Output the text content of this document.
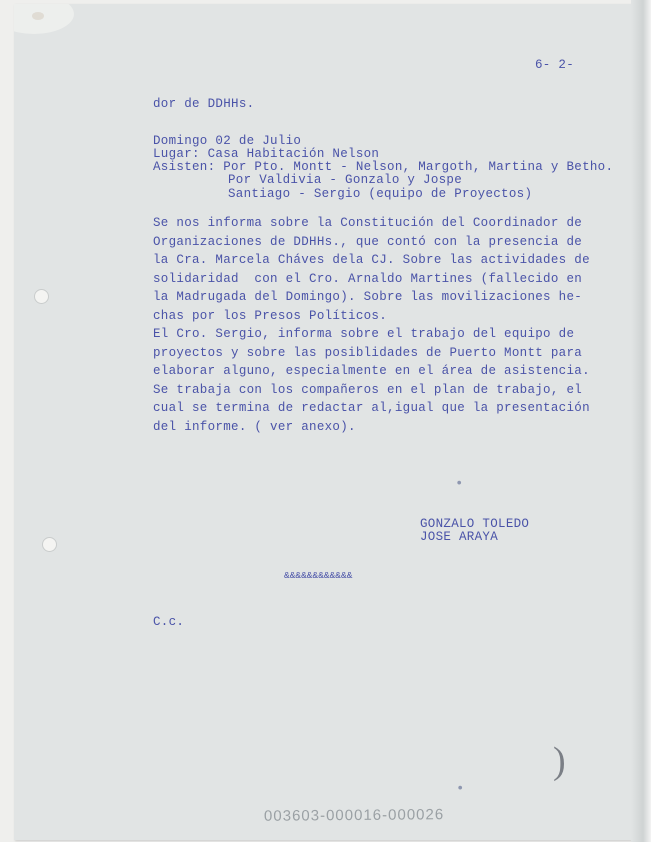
6- 2-
dor de DDHHs.
Domingo 02 de Julio
Lugar: Casa Habitación Nelson
Asisten: Por Pto. Montt - Nelson, Margoth, Martina y Betho.
Por Valdivia - Gonzalo y Jospe
Santiago - Sergio (equipo de Proyectos)
Se nos informa sobre la Constitución del Coordinador de
Organizaciones de DDHHs., que contó con la presencia de
la Cra. Marcela Cháves dela CJ. Sobre las actividades de
solidaridad  con el Cro. Arnaldo Martines (fallecido en
la Madrugada del Domingo). Sobre las movilizaciones he-
chas por los Presos Políticos.
El Cro. Sergio, informa sobre el trabajo del equipo de
proyectos y sobre las posiblidades de Puerto Montt para
elaborar alguno, especialmente en el área de asistencia.
Se trabaja con los compañeros en el plan de trabajo, el
cual se termina de redactar al,igual que la presentación
del informe. ( ver anexo).
•
GONZALO TOLEDO
JOSE ARAYA
&&&&&&&&&&&&
C.c.
•
)
003603-000016-000026
